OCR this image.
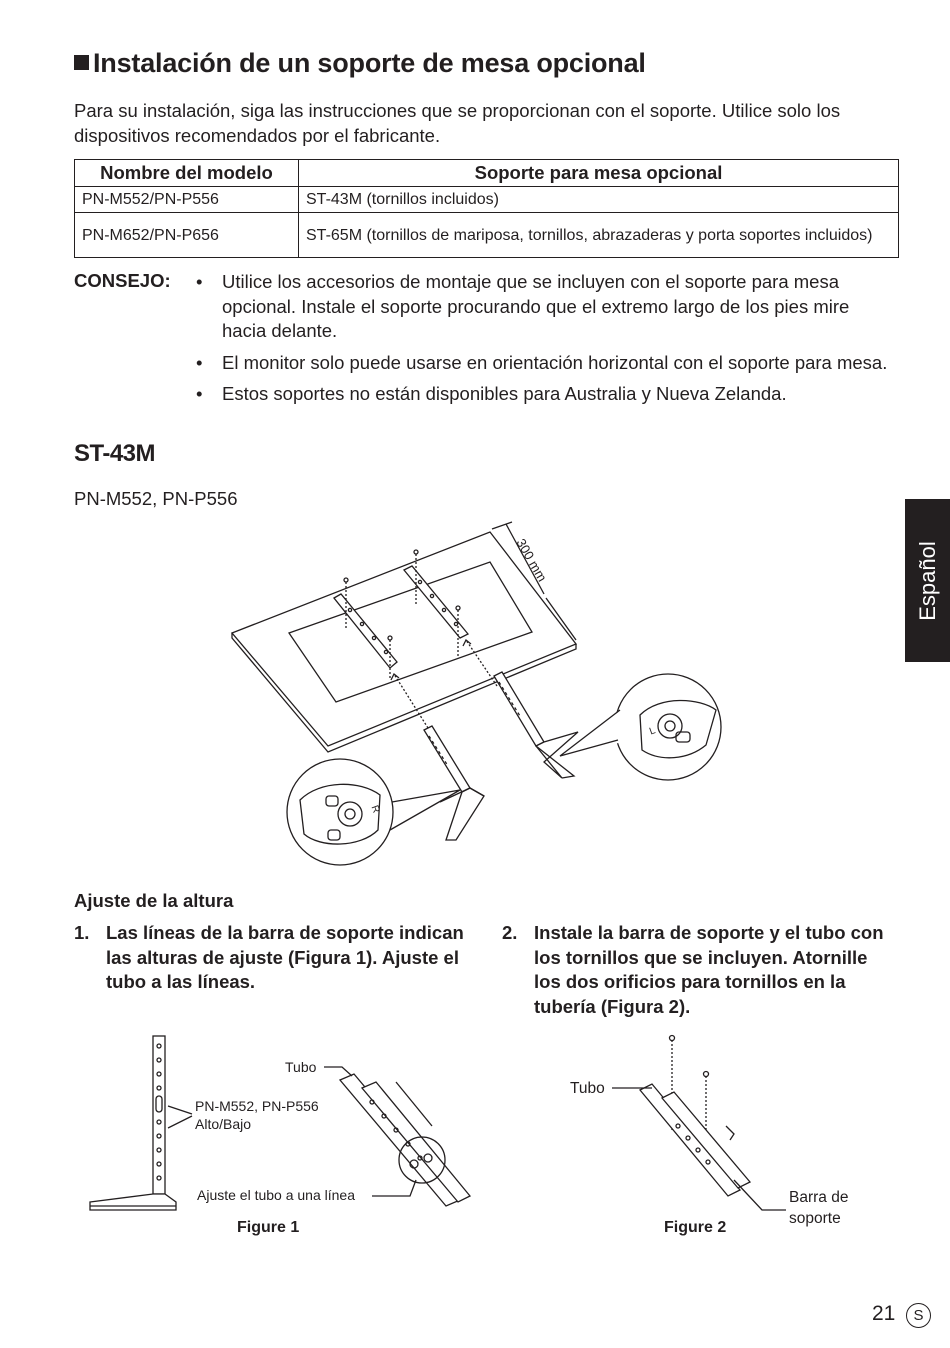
Instalación de un soporte de mesa opcional
Para su instalación, siga las instrucciones que se proporcionan con el soporte. Utilice solo los dispositivos recomendados por el fabricante.
Nombre del modelo	Soporte para mesa opcional
PN-M552/PN-P556	ST-43M (tornillos incluidos)
PN-M652/PN-P656	ST-65M (tornillos de mariposa, tornillos, abrazaderas y porta soportes incluidos)
CONSEJO: • Utilice los accesorios de montaje que se incluyen con el soporte para mesa opcional. Instale el soporte procurando que el extremo largo de los pies mire hacia delante.
• El monitor solo puede usarse en orientación horizontal con el soporte para mesa.
• Estos soportes no están disponibles para Australia y Nueva Zelanda.
ST-43M
PN-M552, PN-P556
Español
300 mm
L
R
Ajuste de la altura
1. Las líneas de la barra de soporte indican las alturas de ajuste (Figura 1). Ajuste el tubo a las líneas.
2. Instale la barra de soporte y el tubo con los tornillos que se incluyen. Atornille los dos orificios para tornillos en la tubería (Figura 2).
Tubo
PN-M552, PN-P556
Alto/Bajo
Ajuste el tubo a una línea
Figure 1
Tubo
Barra de
soporte
Figure 2
21	S
